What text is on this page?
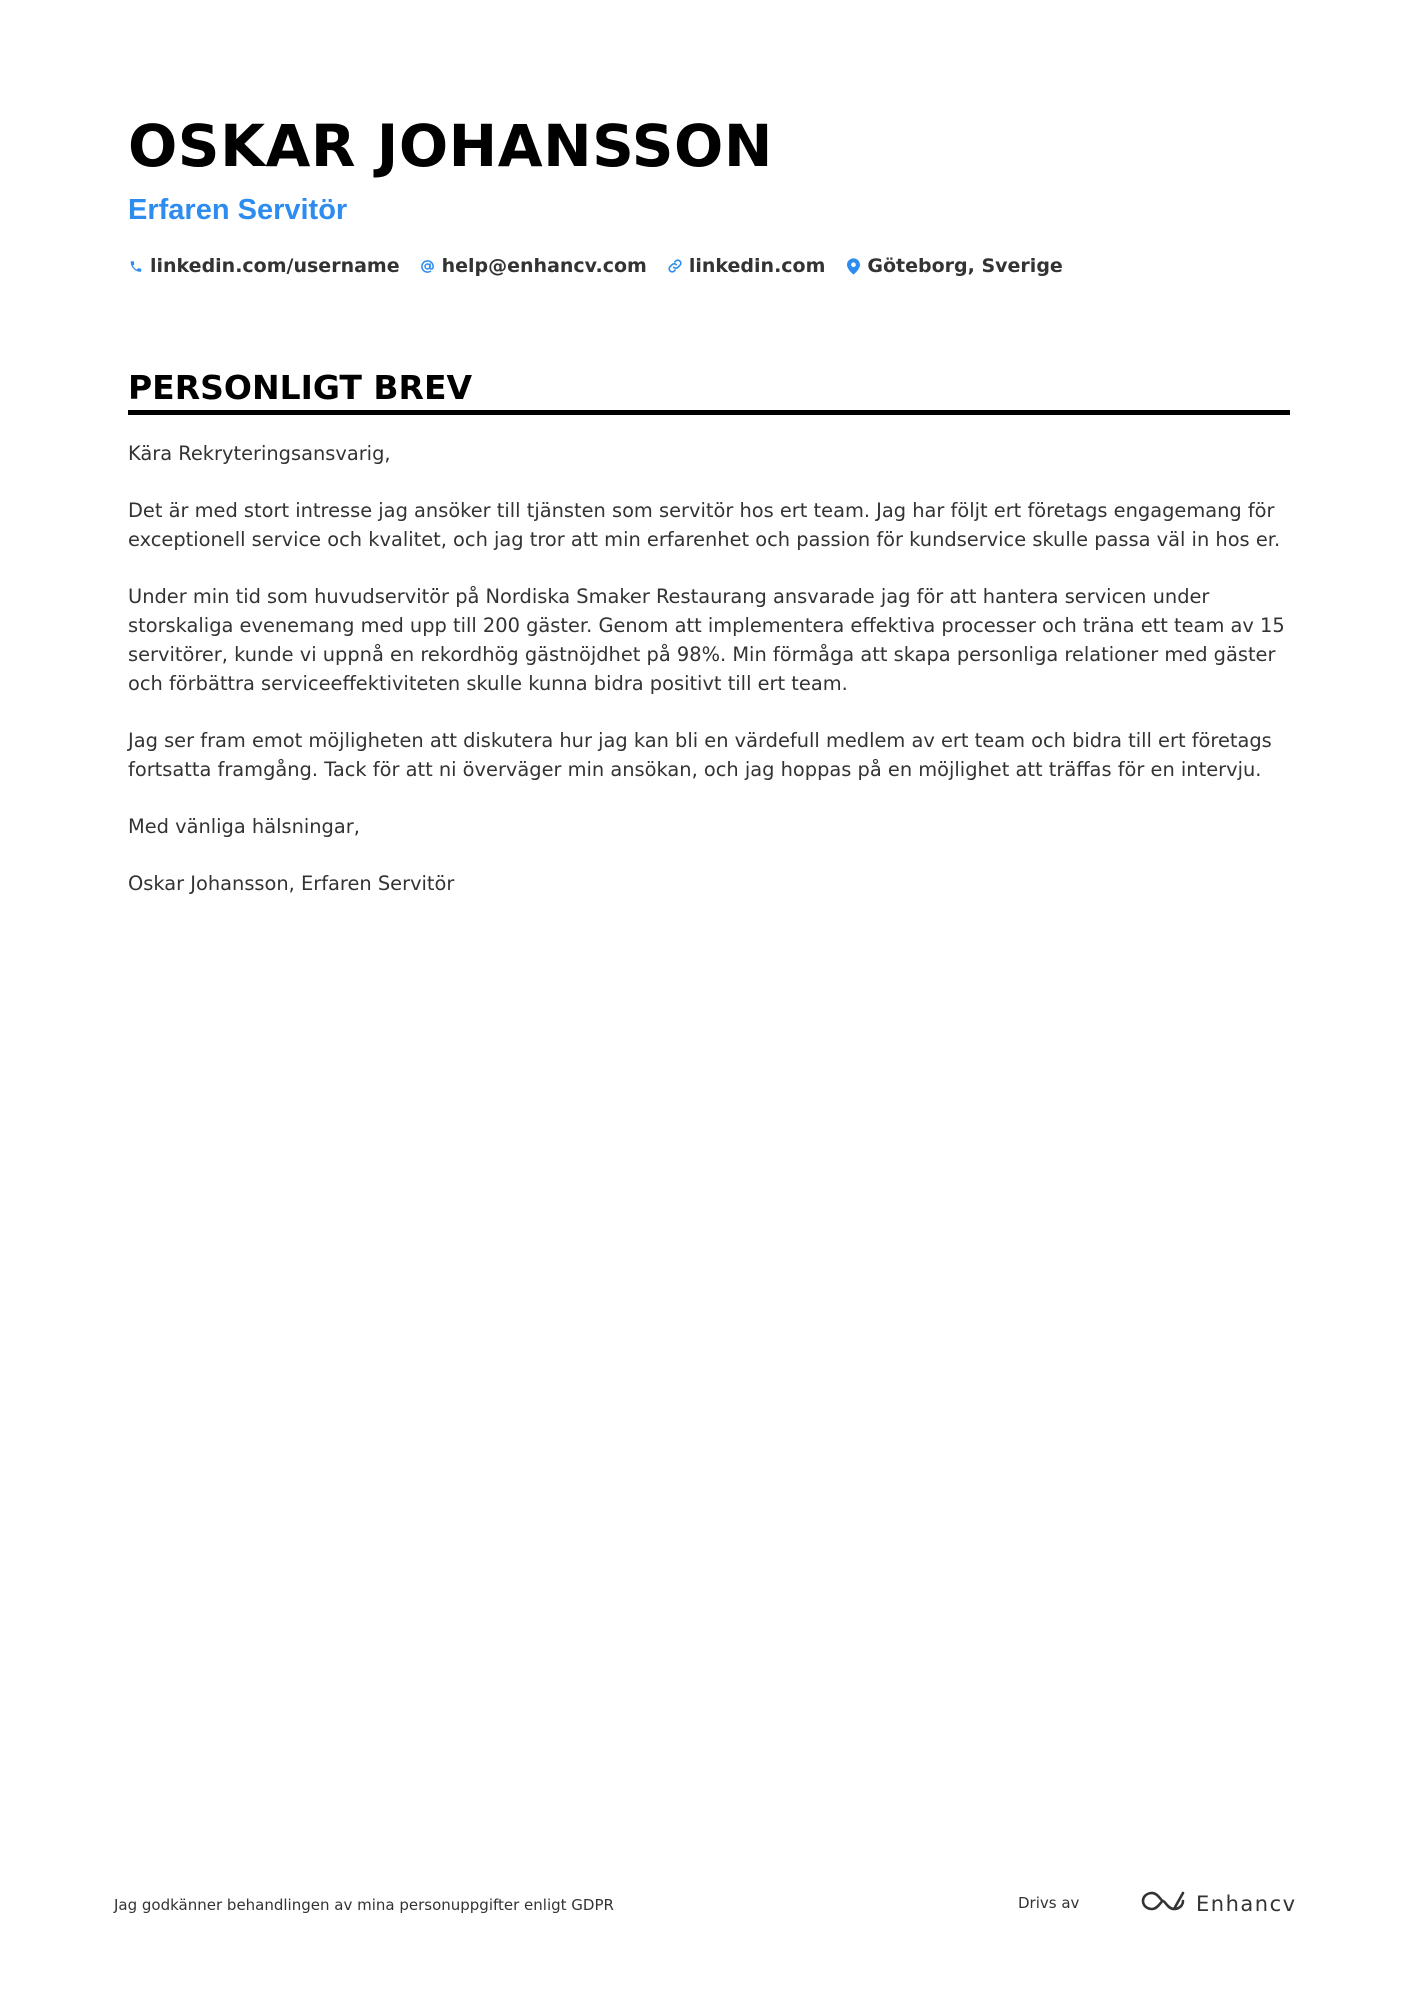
OSKAR JOHANSSON
Erfaren Servitör
linkedin.com/username help@enhancv.com linkedin.com Göteborg, Sverige
PERSONLIGT BREV

Kära Rekryteringsansvarig,

Det är med stort intresse jag ansöker till tjänsten som servitör hos ert team. Jag har följt ert företags engagemang för exceptionell service och kvalitet, och jag tror att min erfarenhet och passion för kundservice skulle passa väl in hos er.

Under min tid som huvudservitör på Nordiska Smaker Restaurang ansvarade jag för att hantera servicen under storskaliga evenemang med upp till 200 gäster. Genom att implementera effektiva processer och träna ett team av 15 servitörer, kunde vi uppnå en rekordhög gästnöjdhet på 98%. Min förmåga att skapa personliga relationer med gäster och förbättra serviceeffektiviteten skulle kunna bidra positivt till ert team.

Jag ser fram emot möjligheten att diskutera hur jag kan bli en värdefull medlem av ert team och bidra till ert företags fortsatta framgång. Tack för att ni överväger min ansökan, och jag hoppas på en möjlighet att träffas för en intervju.

Med vänliga hälsningar,

Oskar Johansson, Erfaren Servitör

Jag godkänner behandlingen av mina personuppgifter enligt GDPR	Drivs av	Enhancv
